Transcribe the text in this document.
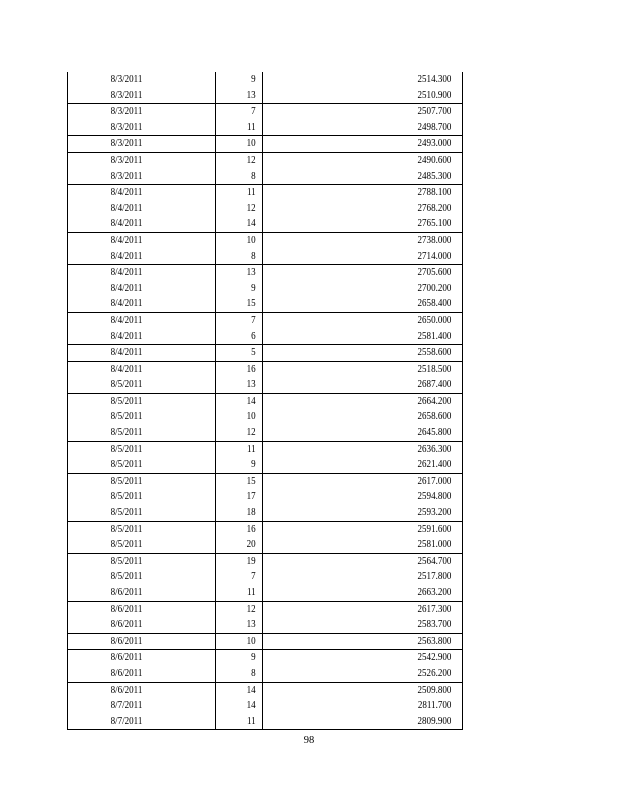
8/3/2011	9	2514.300
8/3/2011	13	2510.900
8/3/2011	7	2507.700
8/3/2011	11	2498.700
8/3/2011	10	2493.000
8/3/2011	12	2490.600
8/3/2011	8	2485.300
8/4/2011	11	2788.100
8/4/2011	12	2768.200
8/4/2011	14	2765.100
8/4/2011	10	2738.000
8/4/2011	8	2714.000
8/4/2011	13	2705.600
8/4/2011	9	2700.200
8/4/2011	15	2658.400
8/4/2011	7	2650.000
8/4/2011	6	2581.400
8/4/2011	5	2558.600
8/4/2011	16	2518.500
8/5/2011	13	2687.400
8/5/2011	14	2664.200
8/5/2011	10	2658.600
8/5/2011	12	2645.800
8/5/2011	11	2636.300
8/5/2011	9	2621.400
8/5/2011	15	2617.000
8/5/2011	17	2594.800
8/5/2011	18	2593.200
8/5/2011	16	2591.600
8/5/2011	20	2581.000
8/5/2011	19	2564.700
8/5/2011	7	2517.800
8/6/2011	11	2663.200
8/6/2011	12	2617.300
8/6/2011	13	2583.700
8/6/2011	10	2563.800
8/6/2011	9	2542.900
8/6/2011	8	2526.200
8/6/2011	14	2509.800
8/7/2011	14	2811.700
8/7/2011	11	2809.900
98
